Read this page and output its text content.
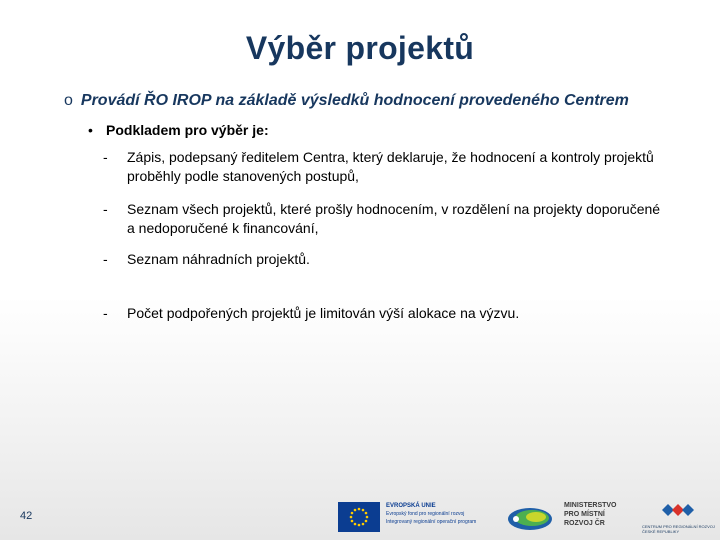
Výběr projektů
o Provádí ŘO IROP na základě výsledků hodnocení provedeného Centrem
• Podkladem pro výběr je:
- Zápis, podepsaný ředitelem Centra, který deklaruje, že hodnocení a kontroly projektů proběhly podle stanovených postupů,
- Seznam všech projektů, které prošly hodnocením, v rozdělení na projekty doporučené a nedoporučené k financování,
- Seznam náhradních projektů.
- Počet podpořených projektů je limitován výší alokace na výzvu.
42
EVROPSKÁ UNIE
Evropský fond pro regionální rozvoj
Integrovaný regionální operační program
MINISTERSTVO
PRO MÍSTNÍ
ROZVOJ ČR	CENTRUM PRO REGIONÁLNÍ ROZVOJ
ČESKÉ REPUBLIKY
